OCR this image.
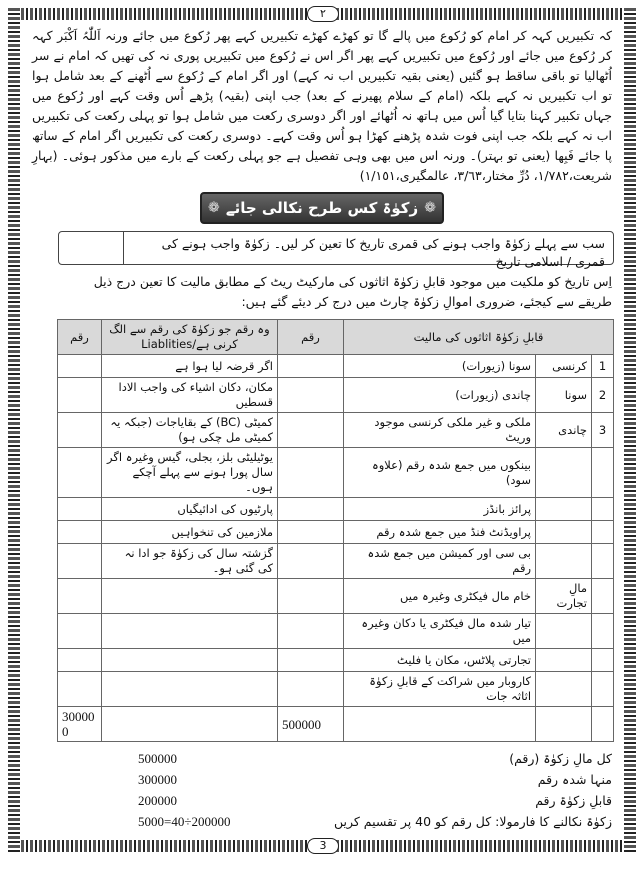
٢
3
کہ تکبیریں کہہ کر امام کو رُکوع میں پالے گا تو کھڑے کھڑے تکبیریں کہے پھر رُکوع میں جائے ورنہ اَللّٰہُ اَکْبَر کہہ کر رُکوع میں جائے اور رُکوع میں تکبیریں کہے پھر اگر اس نے رُکوع میں تکبیریں پوری نہ کی تھیں کہ امام نے سر اُٹھالیا تو باقی ساقط ہو گئیں (یعنی بقیہ تکبیریں اب نہ کہے) اور اگر امام کے رُکوع سے اُٹھنے کے بعد شامل ہوا تو اب تکبیریں نہ کہے بلکہ (امام کے سلام پھیرنے کے بعد) جب اپنی (بقیہ) پڑھے اُس وقت کہے اور رُکوع میں جہاں تکبیر کہنا بتایا گیا اُس میں ہاتھ نہ اُٹھائے اور اگر دوسری رکعت میں شامل ہوا تو پہلی رکعت کی تکبیریں اب نہ کہے بلکہ جب اپنی فوت شدہ پڑھنے کھڑا ہو اُس وقت کہے۔ دوسری رکعت کی تکبیریں اگر امام کے ساتھ پا جائے فَبِھا (یعنی تو بہتر)۔ ورنہ اس میں بھی وہی تفصیل ہے جو پہلی رکعت کے بارے میں مذکور ہوئی۔ (بہارِ شریعت،١/٧٨٢، دُرِّ مختار،٣/٦٣، عالمگیری،١/١٥١)
❁
زکوٰۃ کس طرح نکالی جائے
❁
سب سے پہلے زکوٰۃ واجب ہونے کی قمری تاریخ کا تعین کر لیں۔ زکوٰۃ واجب ہونے کی قمری / اسلامی تاریخ
اِس تاریخ کو ملکیت میں موجود قابلِ زکوٰۃ اثاثوں کی مارکیٹ ریٹ کے مطابق مالیت کا تعین درج ذیل طریقے سے کیجئے، ضروری اموالِ زکوٰۃ چارٹ میں درج کر دیئے گئے ہیں:
قابلِ زکوٰۃ اثاثوں کی مالیت			رقم	وہ رقم جو زکوٰۃ کی رقم سے الگ کرنی ہے/Liablities	رقم
1	کرنسی	سونا (زیورات)		اگر قرضہ لیا ہوا ہے	
2	سونا	چاندی (زیورات)		مکان، دکان اشیاء کی واجب الادا قسطیں	
3	چاندی	ملکی و غیر ملکی کرنسی موجود وریٹ		کمیٹی (BC) کے بقایاجات (جبکہ یہ کمیٹی مل چکی ہو)	
		بینکوں میں جمع شدہ رقم (علاوہ سود)		یوٹیلیٹی بلز، بجلی، گیس وغیرہ اگر سال پورا ہونے سے پہلے آچکے ہوں۔	
		پرائز بانڈز		پارٹیوں کی ادائیگیاں	
		پراویڈنٹ فنڈ میں جمع شدہ رقم		ملازمین کی تنخواہیں	
		بی سی اور کمیشن میں جمع شدہ رقم		گزشتہ سال کی زکوٰۃ جو ادا نہ کی گئی ہو۔	
	مالِ تجارت	خام مال فیکٹری وغیرہ میں			
		تیار شدہ مال فیکٹری یا دکان وغیرہ میں			
		تجارتی پلاٹس، مکان یا فلیٹ			
		کاروبار میں شراکت کے قابلِ زکوٰۃ اثاثہ جات			
			500000		300000
کل مالِ زکوٰۃ (رقم)
500000
منہا شدہ رقم
300000
قابلِ زکوٰۃ رقم
200000
زکوٰۃ نکالنے کا فارمولا: کل رقم کو 40 پر تقسیم کریں
5000=40÷200000
